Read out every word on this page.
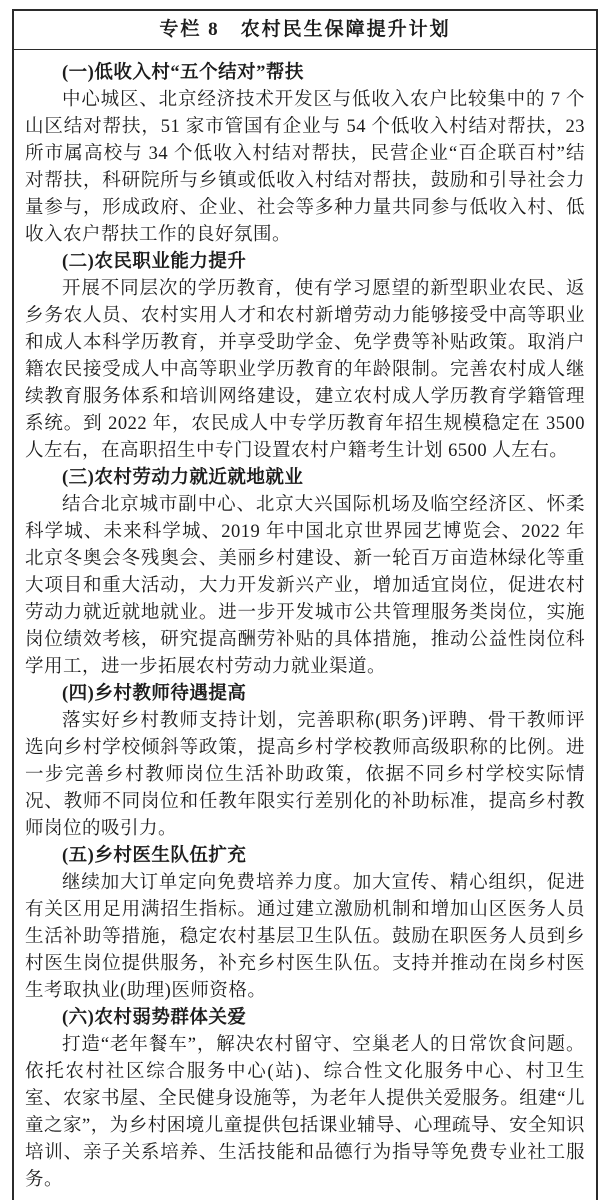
专栏 8　农村民生保障提升计划
(一)低收入村“五个结对”帮扶

中心城区、北京经济技术开发区与低收入农户比较集中的 7 个山区结对帮扶，51 家市管国有企业与 54 个低收入村结对帮扶，23 所市属高校与 34 个低收入村结对帮扶，民营企业“百企联百村”结对帮扶，科研院所与乡镇或低收入村结对帮扶，鼓励和引导社会力量参与，形成政府、企业、社会等多种力量共同参与低收入村、低收入农户帮扶工作的良好氛围。

(二)农民职业能力提升

开展不同层次的学历教育，使有学习愿望的新型职业农民、返乡务农人员、农村实用人才和农村新增劳动力能够接受中高等职业和成人本科学历教育，并享受助学金、免学费等补贴政策。取消户籍农民接受成人中高等职业学历教育的年龄限制。完善农村成人继续教育服务体系和培训网络建设，建立农村成人学历教育学籍管理系统。到 2022 年，农民成人中专学历教育年招生规模稳定在 3500 人左右，在高职招生中专门设置农村户籍考生计划 6500 人左右。

(三)农村劳动力就近就地就业

结合北京城市副中心、北京大兴国际机场及临空经济区、怀柔科学城、未来科学城、2019 年中国北京世界园艺博览会、2022 年北京冬奥会冬残奥会、美丽乡村建设、新一轮百万亩造林绿化等重大项目和重大活动，大力开发新兴产业，增加适宜岗位，促进农村劳动力就近就地就业。进一步开发城市公共管理服务类岗位，实施岗位绩效考核，研究提高酬劳补贴的具体措施，推动公益性岗位科学用工，进一步拓展农村劳动力就业渠道。

(四)乡村教师待遇提高

落实好乡村教师支持计划，完善职称(职务)评聘、骨干教师评选向乡村学校倾斜等政策，提高乡村学校教师高级职称的比例。进一步完善乡村教师岗位生活补助政策，依据不同乡村学校实际情况、教师不同岗位和任教年限实行差别化的补助标准，提高乡村教师岗位的吸引力。

(五)乡村医生队伍扩充

继续加大订单定向免费培养力度。加大宣传、精心组织，促进有关区用足用满招生指标。通过建立激励机制和增加山区医务人员生活补助等措施，稳定农村基层卫生队伍。鼓励在职医务人员到乡村医生岗位提供服务，补充乡村医生队伍。支持并推动在岗乡村医生考取执业(助理)医师资格。

(六)农村弱势群体关爱

打造“老年餐车”，解决农村留守、空巢老人的日常饮食问题。依托农村社区综合服务中心(站)、综合性文化服务中心、村卫生室、农家书屋、全民健身设施等，为老年人提供关爱服务。组建“儿童之家”，为乡村困境儿童提供包括课业辅导、心理疏导、安全知识培训、亲子关系培养、生活技能和品德行为指导等免费专业社工服务。
